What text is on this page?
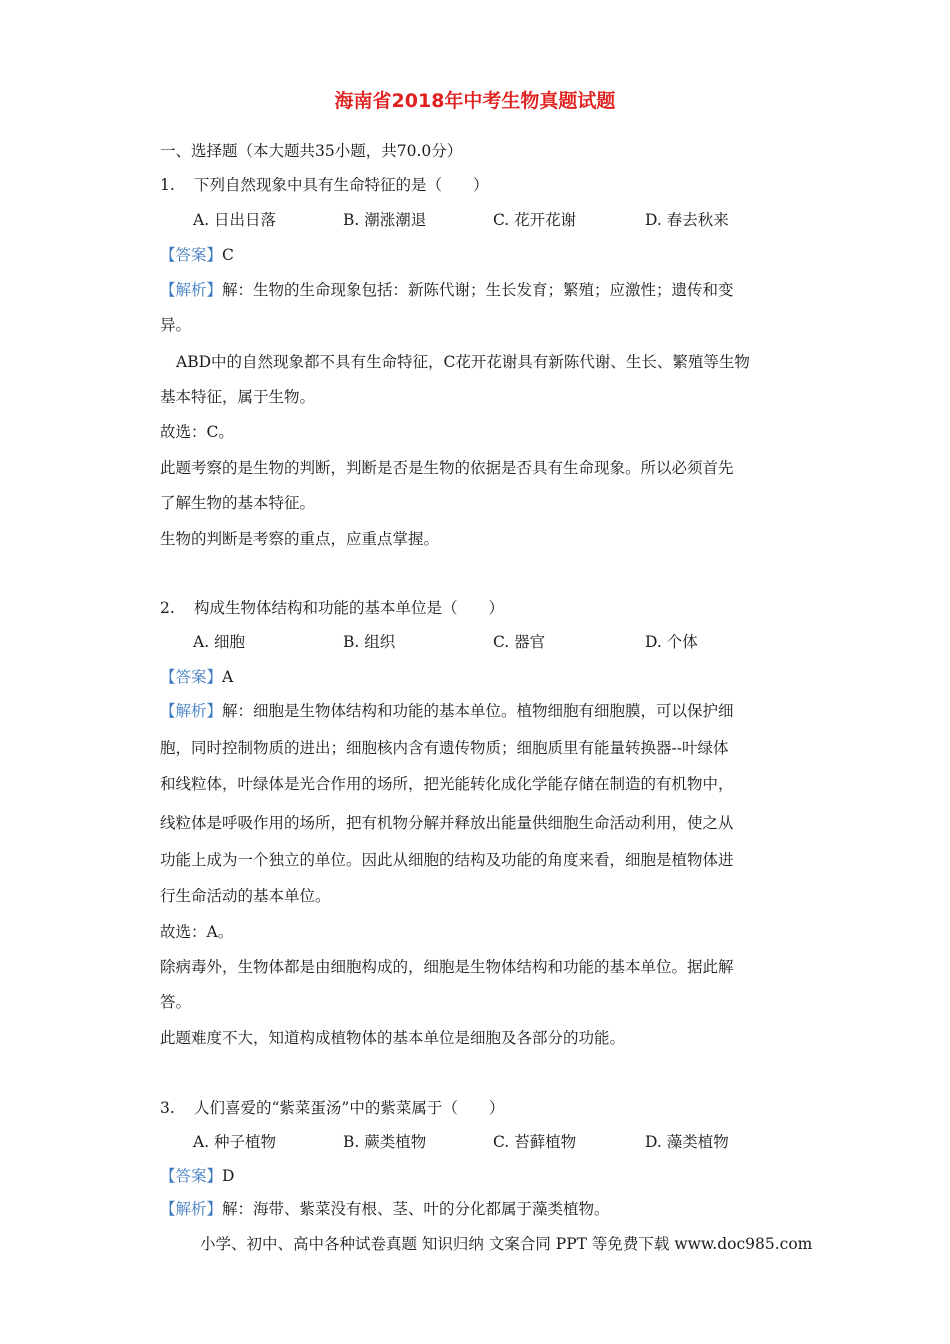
海南省2018年中考生物真题试题
一、选择题（本大题共35小题，共70.0分）
1. 下列自然现象中具有生命特征的是（　　）
A. 日出日落	B. 潮涨潮退	C. 花开花谢	D. 春去秋来
【答案】C
【解析】解：生物的生命现象包括：新陈代谢；生长发育；繁殖；应激性；遗传和变
异。
ABD中的自然现象都不具有生命特征，C花开花谢具有新陈代谢、生长、繁殖等生物
基本特征，属于生物。
故选：C。
此题考察的是生物的判断，判断是否是生物的依据是否具有生命现象。所以必须首先
了解生物的基本特征。
生物的判断是考察的重点，应重点掌握。
2. 构成生物体结构和功能的基本单位是（　　）
A. 细胞	B. 组织	C. 器官	D. 个体
【答案】A
【解析】解：细胞是生物体结构和功能的基本单位。植物细胞有细胞膜，可以保护细
胞，同时控制物质的进出；细胞核内含有遗传物质；细胞质里有能量转换器--叶绿体
和线粒体，叶绿体是光合作用的场所，把光能转化成化学能存储在制造的有机物中，
线粒体是呼吸作用的场所，把有机物分解并释放出能量供细胞生命活动利用，使之从
功能上成为一个独立的单位。因此从细胞的结构及功能的角度来看，细胞是植物体进
行生命活动的基本单位。
故选：A。
除病毒外，生物体都是由细胞构成的，细胞是生物体结构和功能的基本单位。据此解
答。
此题难度不大，知道构成植物体的基本单位是细胞及各部分的功能。
3. 人们喜爱的“紫菜蛋汤”中的紫菜属于（　　）
A. 种子植物	B. 蕨类植物	C. 苔藓植物	D. 藻类植物
【答案】D
【解析】解：海带、紫菜没有根、茎、叶的分化都属于藻类植物。
小学、初中、高中各种试卷真题 知识归纳 文案合同 PPT 等免费下载 www.doc985.com
